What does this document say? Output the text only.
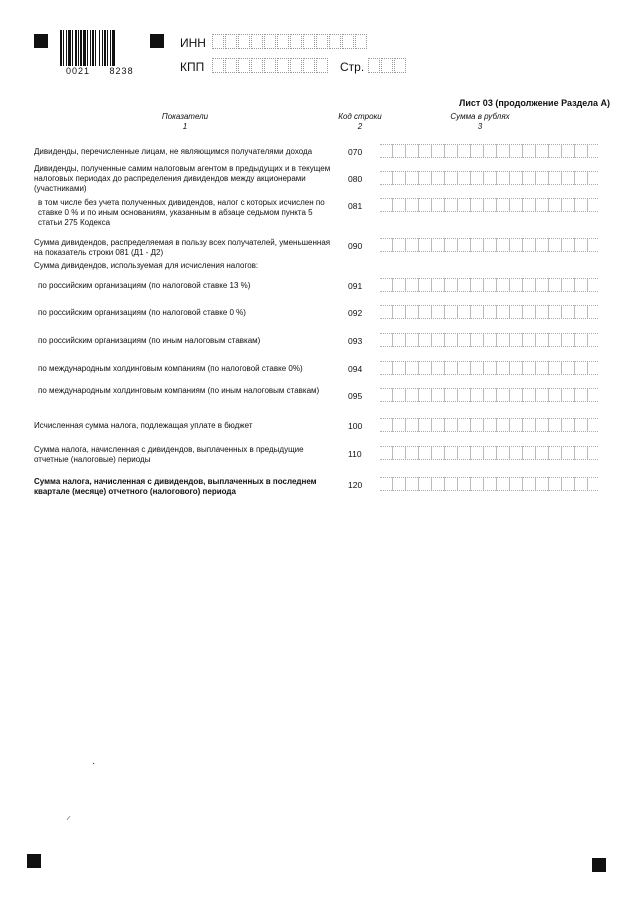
0021 8238
ИНН
КПП	Стр.
Лист 03 (продолжение Раздела А)
Показатели
1
Код строки
2
Сумма в рублях
3
Дивиденды, перечисленные лицам, не являющимся получателями дохода	070
Дивиденды, полученные самим налоговым агентом в предыдущих и в текущем налоговых периодах до распределения дивидендов между акционерами (участниками)
080
в том числе без учета полученных дивидендов, налог с которых исчислен по ставке 0 % и по иным основаниям, указанным в абзаце седьмом пункта 5 статьи 275 Кодекса
081
Сумма дивидендов, распределяемая в пользу всех получателей, уменьшенная на показатель строки 081 (Д1 - Д2)
090
Сумма дивидендов, используемая для исчисления налогов:
по российским организациям (по налоговой ставке 13 %)	091
по российским организациям (по налоговой ставке 0 %)	092
по российским организациям (по иным налоговым ставкам)	093
по международным холдинговым компаниям (по налоговой ставке 0%)	094
по международным холдинговым компаниям (по иным налоговым ставкам)
095
Исчисленная сумма налога, подлежащая уплате в бюджет	100
Сумма налога, начисленная с дивидендов, выплаченных в предыдущие отчетные (налоговые) периоды
110
Сумма налога, начисленная с дивидендов, выплаченных в последнем квартале (месяце) отчетного (налогового) периода
120
·
⸝
